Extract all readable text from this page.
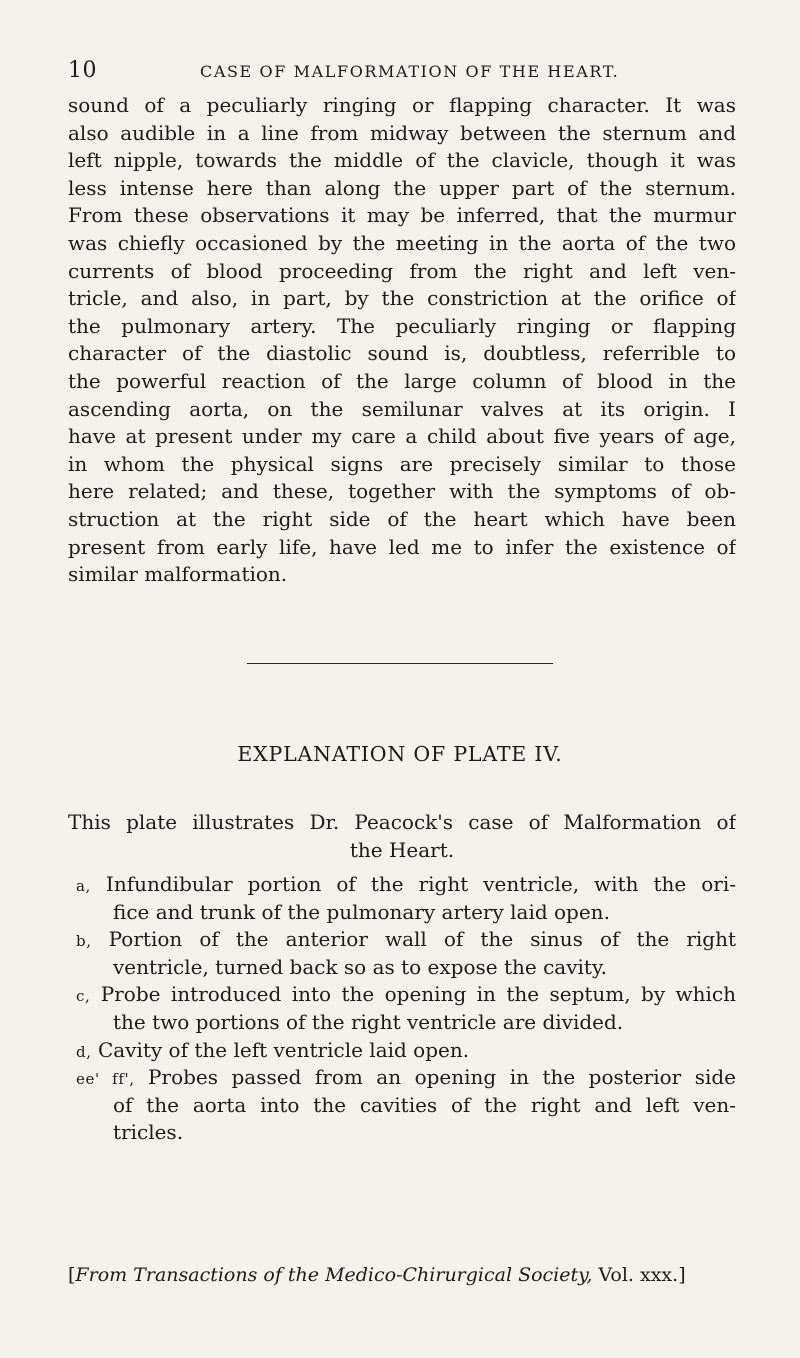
10	CASE OF MALFORMATION OF THE HEART.
sound of a peculiarly ringing or flapping character. It was
also audible in a line from midway between the sternum and
left nipple, towards the middle of the clavicle, though it was
less intense here than along the upper part of the sternum.
From these observations it may be inferred, that the murmur
was chiefly occasioned by the meeting in the aorta of the two
currents of blood proceeding from the right and left ven-
tricle, and also, in part, by the constriction at the orifice of
the pulmonary artery. The peculiarly ringing or flapping
character of the diastolic sound is, doubtless, referrible to
the powerful reaction of the large column of blood in the
ascending aorta, on the semilunar valves at its origin. I
have at present under my care a child about five years of age,
in whom the physical signs are precisely similar to those
here related; and these, together with the symptoms of ob-
struction at the right side of the heart which have been
present from early life, have led me to infer the existence of
similar malformation.
EXPLANATION OF PLATE IV.
This plate illustrates Dr. Peacock's case of Malformation of
the Heart.
a, Infundibular portion of the right ventricle, with the ori-
fice and trunk of the pulmonary artery laid open.
b, Portion of the anterior wall of the sinus of the right
ventricle, turned back so as to expose the cavity.
c, Probe introduced into the opening in the septum, by which
the two portions of the right ventricle are divided.
d, Cavity of the left ventricle laid open.
ee' ff', Probes passed from an opening in the posterior side
of the aorta into the cavities of the right and left ven-
tricles.
[From Transactions of the Medico-Chirurgical Society, Vol. xxx.]
